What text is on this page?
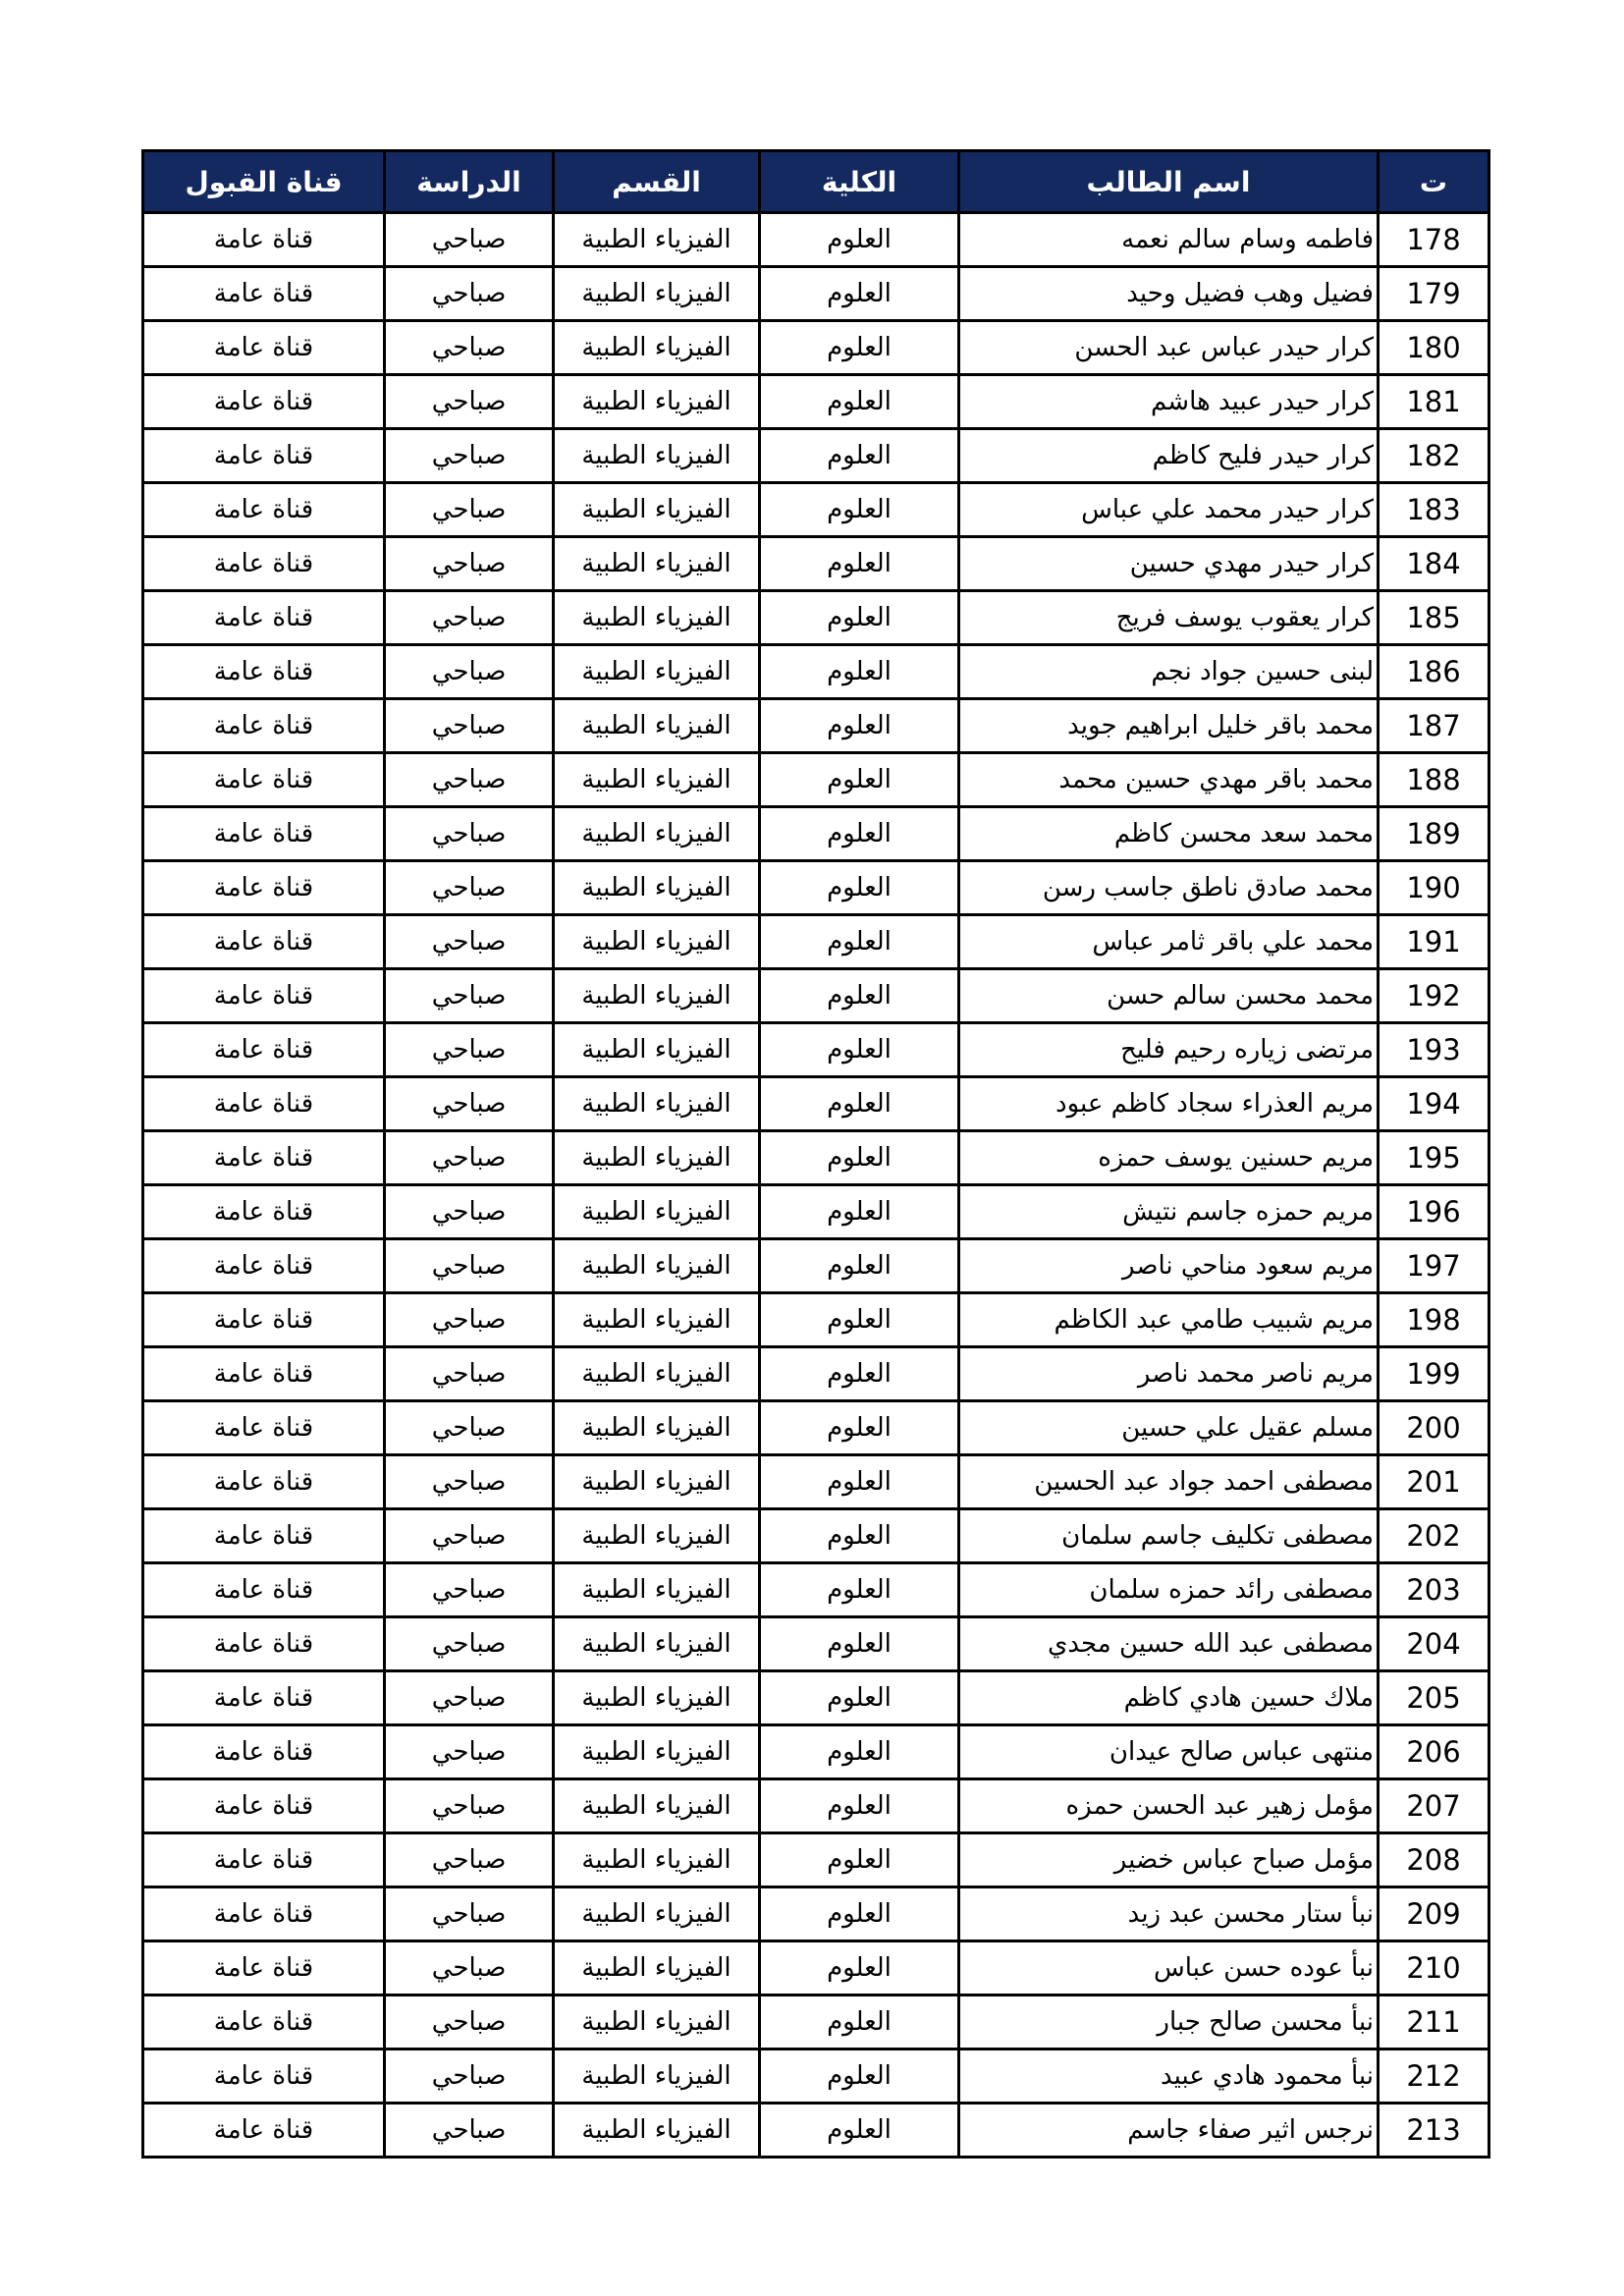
ت	اسم الطالب	الكلية	القسم	الدراسة	قناة القبول
178	فاطمه وسام سالم نعمه	العلوم	الفيزياء الطبية	صباحي	قناة عامة
179	فضيل وهب فضيل وحيد	العلوم	الفيزياء الطبية	صباحي	قناة عامة
180	كرار حيدر عباس عبد الحسن	العلوم	الفيزياء الطبية	صباحي	قناة عامة
181	كرار حيدر عبيد هاشم	العلوم	الفيزياء الطبية	صباحي	قناة عامة
182	كرار حيدر فليح كاظم	العلوم	الفيزياء الطبية	صباحي	قناة عامة
183	كرار حيدر محمد علي عباس	العلوم	الفيزياء الطبية	صباحي	قناة عامة
184	كرار حيدر مهدي حسين	العلوم	الفيزياء الطبية	صباحي	قناة عامة
185	كرار يعقوب يوسف فريج	العلوم	الفيزياء الطبية	صباحي	قناة عامة
186	لبنى حسين جواد نجم	العلوم	الفيزياء الطبية	صباحي	قناة عامة
187	محمد باقر خليل ابراهيم جويد	العلوم	الفيزياء الطبية	صباحي	قناة عامة
188	محمد باقر مهدي حسين محمد	العلوم	الفيزياء الطبية	صباحي	قناة عامة
189	محمد سعد محسن كاظم	العلوم	الفيزياء الطبية	صباحي	قناة عامة
190	محمد صادق ناطق جاسب رسن	العلوم	الفيزياء الطبية	صباحي	قناة عامة
191	محمد علي باقر ثامر عباس	العلوم	الفيزياء الطبية	صباحي	قناة عامة
192	محمد محسن سالم حسن	العلوم	الفيزياء الطبية	صباحي	قناة عامة
193	مرتضى زياره رحيم فليح	العلوم	الفيزياء الطبية	صباحي	قناة عامة
194	مريم العذراء سجاد كاظم عبود	العلوم	الفيزياء الطبية	صباحي	قناة عامة
195	مريم حسنين يوسف حمزه	العلوم	الفيزياء الطبية	صباحي	قناة عامة
196	مريم حمزه جاسم نتيش	العلوم	الفيزياء الطبية	صباحي	قناة عامة
197	مريم سعود مناحي ناصر	العلوم	الفيزياء الطبية	صباحي	قناة عامة
198	مريم شبيب طامي عبد الكاظم	العلوم	الفيزياء الطبية	صباحي	قناة عامة
199	مريم ناصر محمد ناصر	العلوم	الفيزياء الطبية	صباحي	قناة عامة
200	مسلم عقيل علي حسين	العلوم	الفيزياء الطبية	صباحي	قناة عامة
201	مصطفى احمد جواد عبد الحسين	العلوم	الفيزياء الطبية	صباحي	قناة عامة
202	مصطفى تكليف جاسم سلمان	العلوم	الفيزياء الطبية	صباحي	قناة عامة
203	مصطفى رائد حمزه سلمان	العلوم	الفيزياء الطبية	صباحي	قناة عامة
204	مصطفى عبد الله حسين مجدي	العلوم	الفيزياء الطبية	صباحي	قناة عامة
205	ملاك حسين هادي كاظم	العلوم	الفيزياء الطبية	صباحي	قناة عامة
206	منتهى عباس صالح عيدان	العلوم	الفيزياء الطبية	صباحي	قناة عامة
207	مؤمل زهير عبد الحسن حمزه	العلوم	الفيزياء الطبية	صباحي	قناة عامة
208	مؤمل صباح عباس خضير	العلوم	الفيزياء الطبية	صباحي	قناة عامة
209	نبأ ستار محسن عبد زيد	العلوم	الفيزياء الطبية	صباحي	قناة عامة
210	نبأ عوده حسن عباس	العلوم	الفيزياء الطبية	صباحي	قناة عامة
211	نبأ محسن صالح جبار	العلوم	الفيزياء الطبية	صباحي	قناة عامة
212	نبأ محمود هادي عبيد	العلوم	الفيزياء الطبية	صباحي	قناة عامة
213	نرجس اثير صفاء جاسم	العلوم	الفيزياء الطبية	صباحي	قناة عامة
